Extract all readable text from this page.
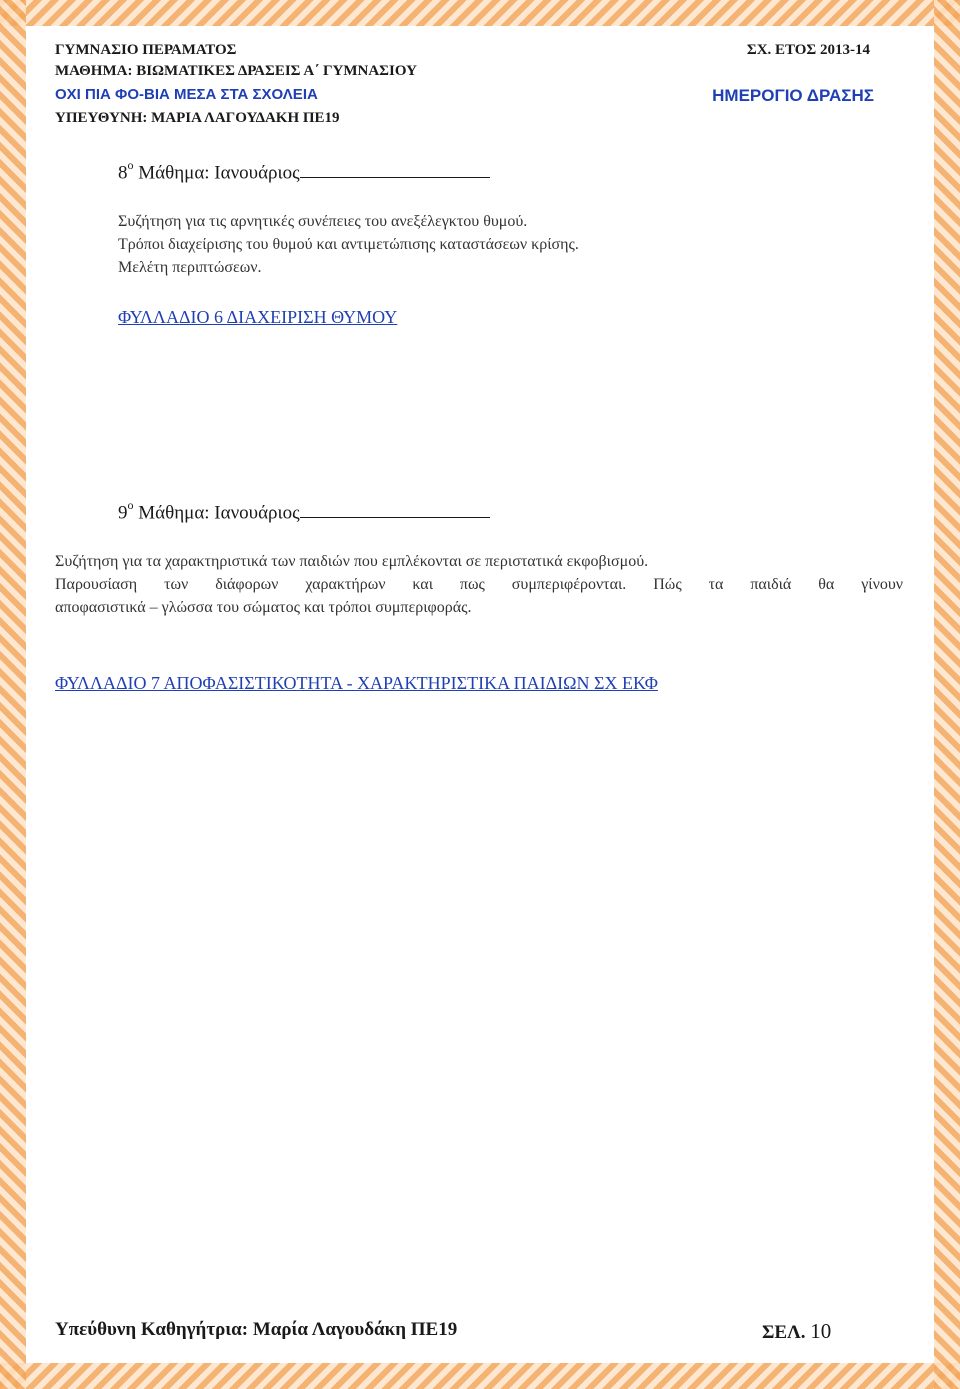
ΓΥΜΝΑΣΙΟ ΠΕΡΑΜΑΤΟΣ	ΣΧ. ΕΤΟΣ 2013-14
ΜΑΘΗΜΑ: ΒΙΩΜΑΤΙΚΕΣ ΔΡΑΣΕΙΣ Α΄ ΓΥΜΝΑΣΙΟΥ
ΟΧΙ ΠΙΑ ΦΟ-ΒΙΑ ΜΕΣΑ ΣΤΑ ΣΧΟΛΕΙΑ	ΗΜΕΡΟΓΙΟ ΔΡΑΣΗΣ
ΥΠΕΥΘΥΝΗ: ΜΑΡΙΑ ΛΑΓΟΥΔΑΚΗ ΠΕ19
$8^o$ Μάθημα: Ιανουάριος
Συζήτηση για τις αρνητικές συνέπειες του ανεξέλεγκτου θυμού.
Τρόποι διαχείρισης του θυμού και αντιμετώπισης καταστάσεων κρίσης.
Μελέτη περιπτώσεων.
ΦΥΛΛΑΔΙΟ 6 ΔΙΑΧΕΙΡΙΣΗ ΘΥΜΟΥ
$9^o$ Μάθημα: Ιανουάριος
Συζήτηση για τα χαρακτηριστικά των παιδιών που εμπλέκονται σε περιστατικά εκφοβισμού.
Παρουσίαση των διάφορων χαρακτήρων και πως συμπεριφέρονται. Πώς τα παιδιά θα γίνουν
αποφασιστικά – γλώσσα του σώματος και τρόποι συμπεριφοράς.
ΦΥΛΛΑΔΙΟ 7 ΑΠΟΦΑΣΙΣΤΙΚΟΤΗΤΑ - ΧΑΡΑΚΤΗΡΙΣΤΙΚΑ ΠΑΙΔΙΩΝ ΣΧ ΕΚΦ
Υπεύθυνη Καθηγήτρια: Μαρία Λαγουδάκη ΠΕ19	ΣΕΛ. 10
